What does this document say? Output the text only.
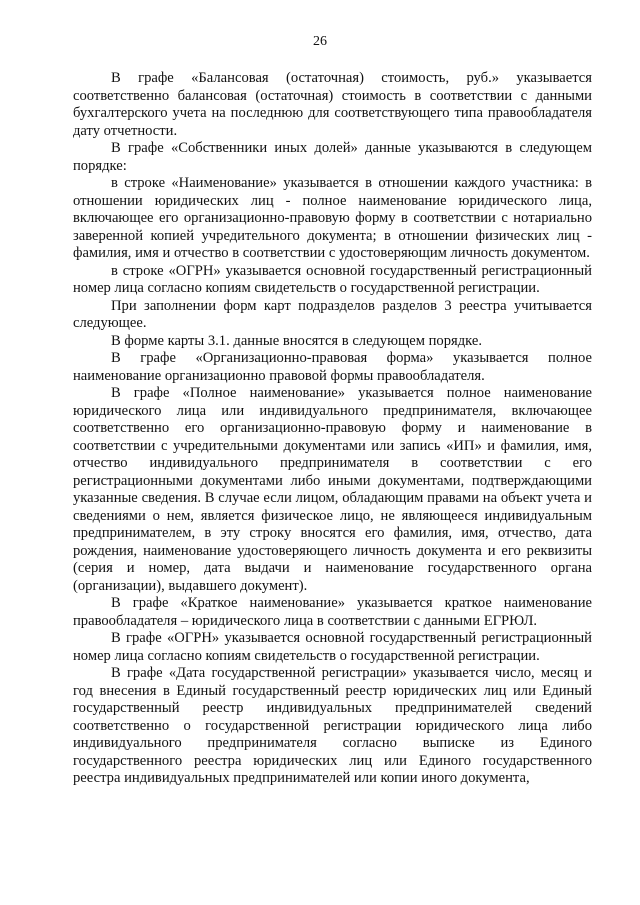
26

В графе «Балансовая (остаточная) стоимость, руб.» указывается соответственно балансовая (остаточная) стоимость в соответствии с данными бухгалтерского учета на последнюю для соответствующего типа правообладателя дату отчетности.

В графе «Собственники иных долей» данные указываются в следующем порядке:

в строке «Наименование» указывается в отношении каждого участника: в отношении юридических лиц - полное наименование юридического лица, включающее его организационно-правовую форму в соответствии с нотариально заверенной копией учредительного документа; в отношении физических лиц - фамилия, имя и отчество в соответствии с удостоверяющим личность документом.

в строке «ОГРН» указывается основной государственный регистрационный номер лица согласно копиям свидетельств о государственной регистрации.

При заполнении форм карт подразделов разделов 3 реестра учитывается следующее.

В форме карты 3.1. данные вносятся в следующем порядке.

В графе «Организационно-правовая форма» указывается полное наименование организационно правовой формы правообладателя.

В графе «Полное наименование» указывается полное наименование юридического лица или индивидуального предпринимателя, включающее соответственно его организационно-правовую форму и наименование в соответствии с учредительными документами или запись «ИП» и фамилия, имя, отчество индивидуального предпринимателя в соответствии с его регистрационными документами либо иными документами, подтверждающими указанные сведения. В случае если лицом, обладающим правами на объект учета и сведениями о нем, является физическое лицо, не являющееся индивидуальным предпринимателем, в эту строку вносятся его фамилия, имя, отчество, дата рождения, наименование удостоверяющего личность документа и его реквизиты (серия и номер, дата выдачи и наименование государственного органа (организации), выдавшего документ).

В графе «Краткое наименование» указывается краткое наименование правообладателя – юридического лица в соответствии с данными ЕГРЮЛ.

В графе «ОГРН» указывается основной государственный регистрационный номер лица согласно копиям свидетельств о государственной регистрации.

В графе «Дата государственной регистрации» указывается число, месяц и год внесения в Единый государственный реестр юридических лиц или Единый государственный реестр индивидуальных предпринимателей сведений соответственно о государственной регистрации юридического лица либо индивидуального предпринимателя согласно выписке из Единого государственного реестра юридических лиц или Единого государственного реестра индивидуальных предпринимателей или копии иного документа,
